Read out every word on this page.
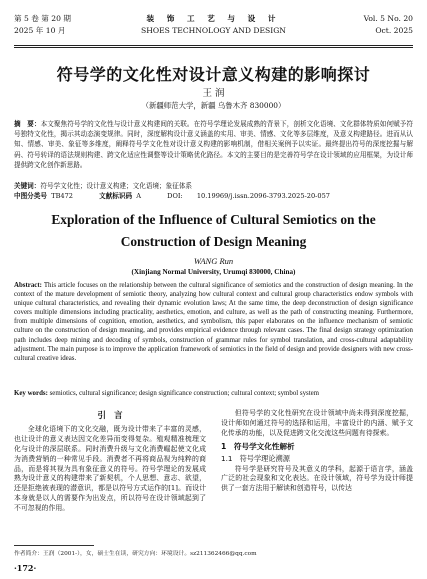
第 5 卷 第 20 期
2025 年 10 月
装 饰 工 艺 与 设 计
SHOES TECHNOLOGY AND DESIGN
Vol. 5 No. 20
Oct. 2025
符号学的文化性对设计意义构建的影响探讨
王 润
（新疆师范大学，新疆 乌鲁木齐 830000）
摘　要：本文聚焦符号学的文化性与设计意义构建间的关联。在符号学理论发展成熟的背景下，剖析文化语境、文化群体特质如何赋予符号独特文化性，揭示其动态演变规律。同时，深度解构设计意义涵盖的实用、审美、情感、文化等多层维度，及意义构建路径。进而从认知、情感、审美、象征等多维度，阐释符号学文化性对设计意义构建的影响机制，借相关案例予以实证。最终提出符号的深度挖掘与解码、符号转译的语法规则构建、跨文化适应性调整等设计策略优化路径。本文的主要目的是完善符号学在设计领域的应用框架，为设计师提供跨文化创作新思路。
关键词：符号学文化性；设计意义构建；文化语境；象征体系
中图分类号 TB472	文献标识码 A	DOI: 10.19969/j.issn.2096-3793.2025-20-057
Exploration of the Influence of Cultural Semiotics on the Construction of Design Meaning
WANG Run
(Xinjiang Normal University, Urumqi 830000, China)
Abstract: This article focuses on the relationship between the cultural significance of semiotics and the construction of design meaning. In the context of the mature development of semiotic theory, analyzing how cultural context and cultural group characteristics endow symbols with unique cultural characteristics, and revealing their dynamic evolution laws; At the same time, the deep deconstruction of design significance covers multiple dimensions including practicality, aesthetics, emotion, and culture, as well as the path of constructing meaning. Furthermore, from multiple dimensions of cognition, emotion, aesthetics, and symbolism, this paper elaborates on the influence mechanism of semiotic culture on the construction of design meaning, and provides empirical evidence through relevant cases. The final design strategy optimization path includes deep mining and decoding of symbols, construction of grammar rules for symbol translation, and cross-cultural adaptability adjustment. The main purpose is to improve the application framework of semiotics in the field of design and provide designers with new cross-cultural creative ideas.
Key words: semiotics, cultural significance; design significance construction; cultural context; symbol system
引　言

全球化语境下的文化交融，既为设计带来了丰富的灵感，也让设计的意义表达因文化差异而变得复杂。殖观精准梳理文化与设计的深层联系。同时消费升级与文化消费崛起使文化成为消费营销的一种常见手段。消费者不再将商品视为纯粹的商品，而是将其视为具有象征意义的符号。符号学理论的发展成熟为设计意义的构建带来了新契机，个人思想、意志、欲望，还是拒绝被表现的潜意识，都是以符号方式运作的[1]。而设计本身就是以人的需要作为出发点，所以符号在设计领域起到了不可忽视的作用。

但符号学的文化性研究在设计领域中尚未得到深度挖掘，设计师如何通过符号的选择和运用，丰富设计的内涵、赋予文化传承的功能，以及促进跨文化交流这些问题有待探索。

1　符号学文化性解析
1.1　符号学理论溯源

符号学是研究符号及其意义的学科，起源于语言学，涵盖广泛的社会现象和文化表达。在设计领域，符号学为设计师提供了一套方法用于解读和创造符号，以传达

作者简介：王润（2001-），女，硕士生在读，研究方向：环境设计。sz211362466@qq.com
·172·
